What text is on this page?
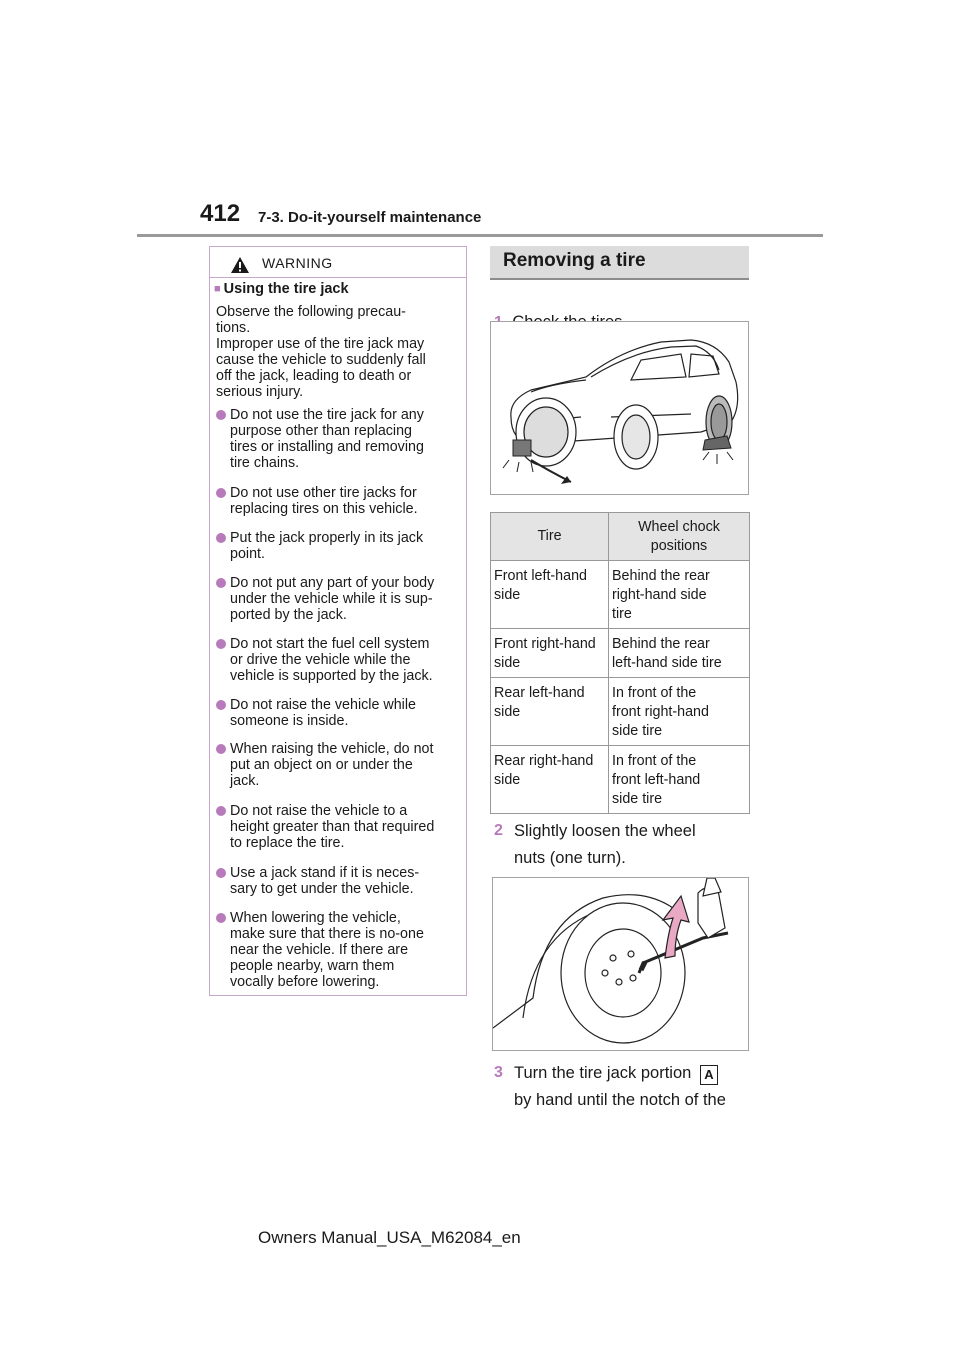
412 7-3. Do-it-yourself maintenance
WARNING
■ Using the tire jack
Observe the following precau-
tions.
Improper use of the tire jack may
cause the vehicle to suddenly fall
off the jack, leading to death or
serious injury.
Do not use the tire jack for any
purpose other than replacing
tires or installing and removing
tire chains.
Do not use other tire jacks for
replacing tires on this vehicle.
Put the jack properly in its jack
point.
Do not put any part of your body
under the vehicle while it is sup-
ported by the jack.
Do not start the fuel cell system
or drive the vehicle while the
vehicle is supported by the jack.
Do not raise the vehicle while
someone is inside.
When raising the vehicle, do not
put an object on or under the
jack.
Do not raise the vehicle to a
height greater than that required
to replace the tire.
Use a jack stand if it is neces-
sary to get under the vehicle.
When lowering the vehicle,
make sure that there is no-one
near the vehicle. If there are
people nearby, warn them
vocally before lowering.
Removing a tire
Tire	Wheel chock
positions
Front left-hand
side	Behind the rear
right-hand side
tire
Front right-hand
side	Behind the rear
left-hand side tire
Rear left-hand
side	In front of the
front right-hand
side tire
Rear right-hand
side	In front of the
front left-hand
side tire
2 Slightly loosen the wheel
nuts (one turn).
3 Turn the tire jack portion A
by hand until the notch of the
Owners Manual_USA_M62084_en
